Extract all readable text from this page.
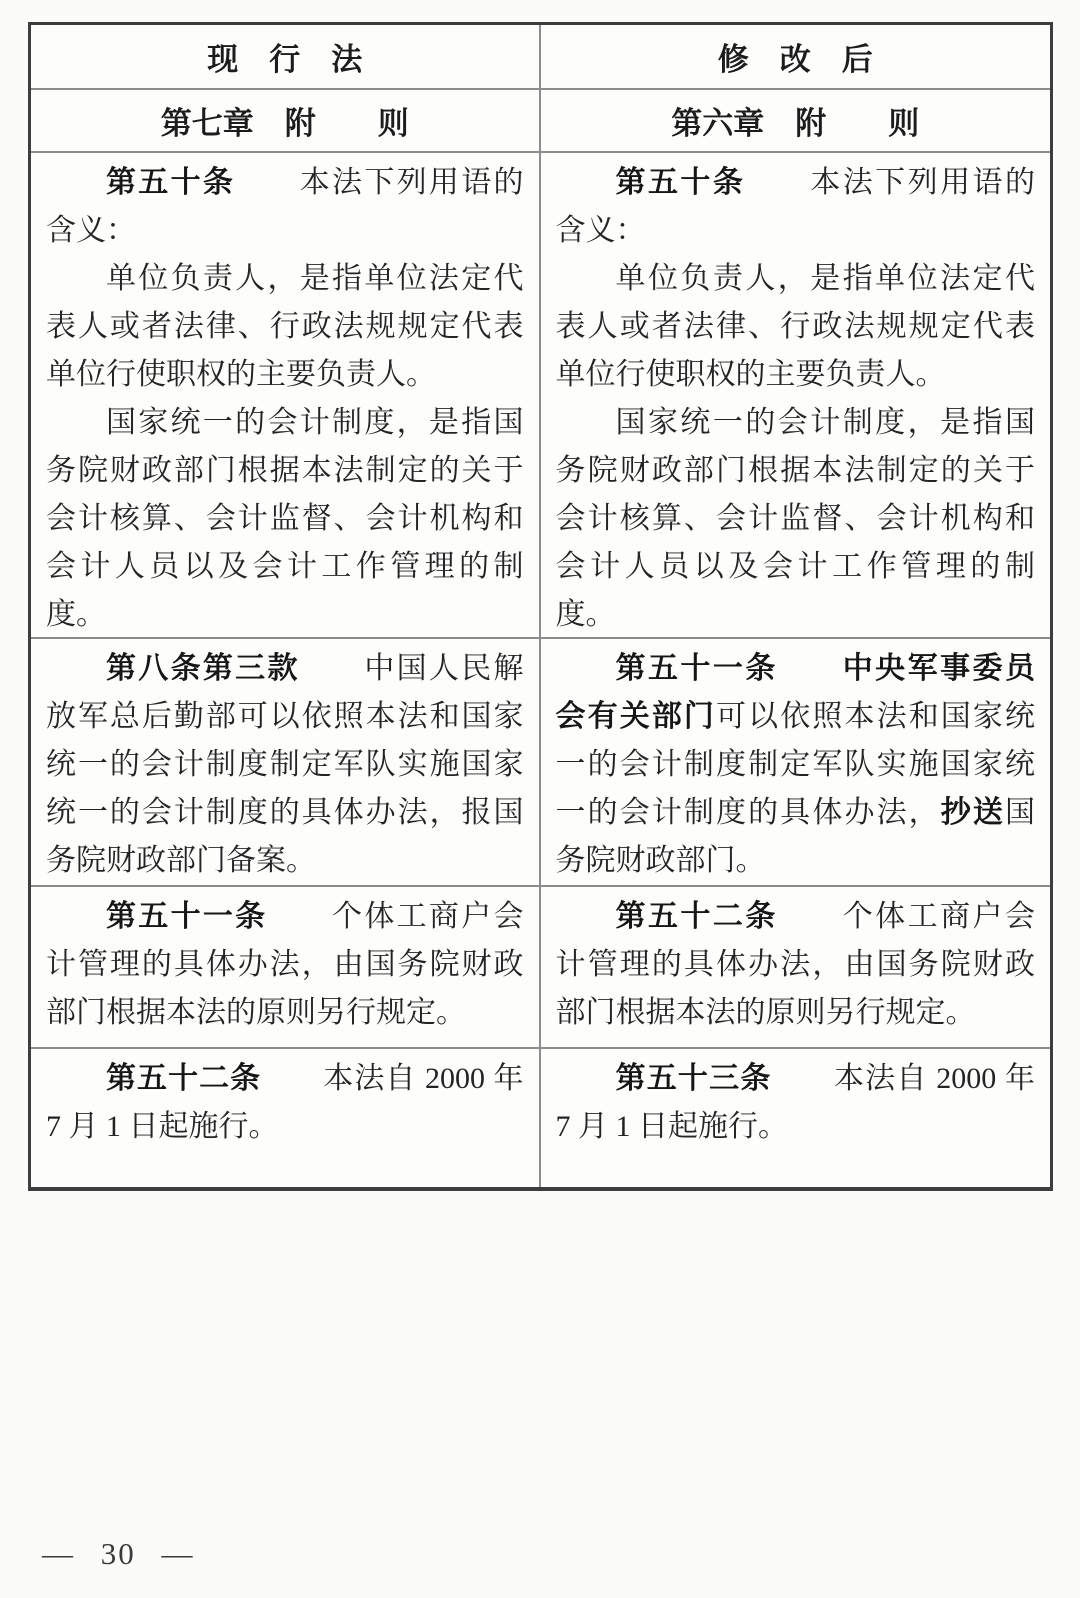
现　行　法	修　改　后
第七章　附　　则	第六章　附　　则

第五十条　　本法下列用语的含义：

单位负责人，是指单位法定代表人或者法律、行政法规规定代表单位行使职权的主要负责人。

国家统一的会计制度，是指国务院财政部门根据本法制定的关于会计核算、会计监督、会计机构和会计人员以及会计工作管理的制度。

第五十条　　本法下列用语的含义：

单位负责人，是指单位法定代表人或者法律、行政法规规定代表单位行使职权的主要负责人。

国家统一的会计制度，是指国务院财政部门根据本法制定的关于会计核算、会计监督、会计机构和会计人员以及会计工作管理的制度。

第八条第三款　　中国人民解放军总后勤部可以依照本法和国家统一的会计制度制定军队实施国家统一的会计制度的具体办法，报国务院财政部门备案。

第五十一条　　 中央军事委员会有关部门可以依照本法和国家统一的会计制度制定军队实施国家统一的会计制度的具体办法，抄送国务院财政部门。

第五十一条　　个体工商户会计管理的具体办法，由国务院财政部门根据本法的原则另行规定。

第五十二条　　个体工商户会计管理的具体办法，由国务院财政部门根据本法的原则另行规定。

第五十二条　　本法自 2000 年 7 月 1 日起施行。

第五十三条　　本法自 2000 年 7 月 1 日起施行。

— 30 —
